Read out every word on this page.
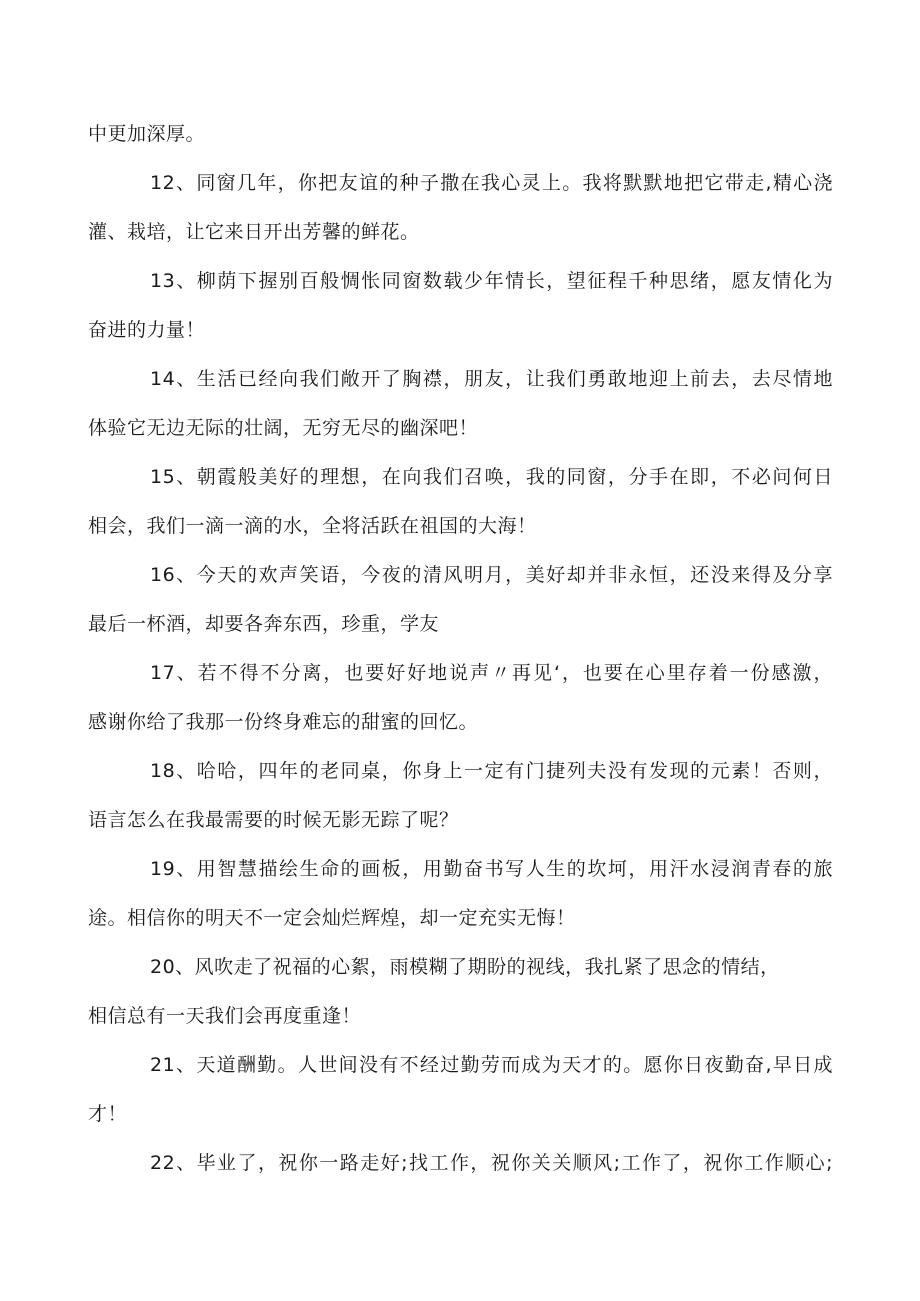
中更加深厚。
12、同窗几年，你把友谊的种子撒在我心灵上。我将默默地把它带走,精心浇
灌、栽培，让它来日开出芳馨的鲜花。
13、柳荫下握别百般惆怅同窗数载少年情长，望征程千种思绪，愿友情化为
奋进的力量！
14、生活已经向我们敞开了胸襟，朋友，让我们勇敢地迎上前去，去尽情地
体验它无边无际的壮阔，无穷无尽的幽深吧！
15、朝霞般美好的理想，在向我们召唤，我的同窗，分手在即，不必问何日
相会，我们一滴一滴的水，全将活跃在祖国的大海！
16、今天的欢声笑语，今夜的清风明月，美好却并非永恒，还没来得及分享
最后一杯酒，却要各奔东西，珍重，学友
17、若不得不分离，也要好好地说声〃再见‘，也要在心里存着一份感激，
感谢你给了我那一份终身难忘的甜蜜的回忆。
18、哈哈，四年的老同桌，你身上一定有门捷列夫没有发现的元素！否则，
语言怎么在我最需要的时候无影无踪了呢？
19、用智慧描绘生命的画板，用勤奋书写人生的坎坷，用汗水浸润青春的旅
途。相信你的明天不一定会灿烂辉煌，却一定充实无悔！
20、风吹走了祝福的心絮，雨模糊了期盼的视线，我扎紧了思念的情结，
相信总有一天我们会再度重逢！
21、天道酬勤。人世间没有不经过勤劳而成为天才的。愿你日夜勤奋,早日成
才！
22、毕业了，祝你一路走好;找工作，祝你关关顺风;工作了，祝你工作顺心;
